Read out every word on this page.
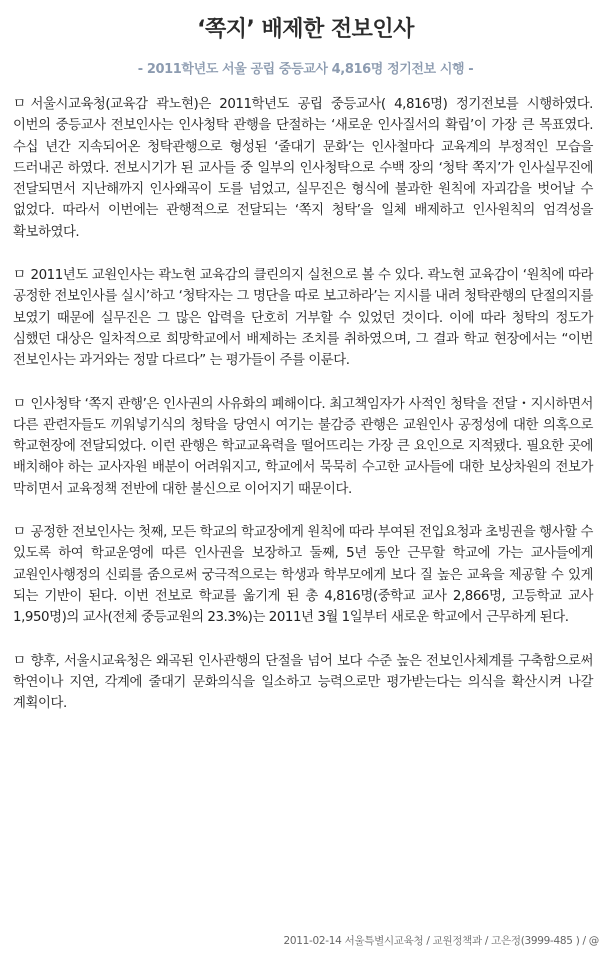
‘쪽지’ 배제한 전보인사
- 2011학년도 서울 공립 중등교사 4,816명 정기전보 시행 -

ㅁ 서울시교육청(교육감 곽노현)은 2011학년도 공립 중등교사( 4,816명) 정기전보를 시행하였다. 이번의 중등교사 전보인사는 인사청탁 관행을 단절하는 ‘새로운 인사질서의 확립’이 가장 큰 목표였다. 수십 년간 지속되어온 청탁관행으로 형성된 ‘줄대기 문화’는 인사철마다 교육계의 부정적인 모습을 드러내곤 하였다. 전보시기가 된 교사들 중 일부의 인사청탁으로 수백 장의 ‘청탁 쪽지’가 인사실무진에 전달되면서 지난해까지 인사왜곡이 도를 넘었고, 실무진은 형식에 불과한 원칙에 자괴감을 벗어날 수 없었다. 따라서 이번에는 관행적으로 전달되는 ‘쪽지 청탁’을 일체 배제하고 인사원칙의 엄격성을 확보하였다.

ㅁ 2011년도 교원인사는 곽노현 교육감의 클린의지 실천으로 볼 수 있다. 곽노현 교육감이 ‘원칙에 따라 공정한 전보인사를 실시’하고 ‘청탁자는 그 명단을 따로 보고하라’는 지시를 내려 청탁관행의 단절의지를 보였기 때문에 실무진은 그 많은 압력을 단호히 거부할 수 있었던 것이다. 이에 따라 청탁의 정도가 심했던 대상은 일차적으로 희망학교에서 배제하는 조치를 취하였으며, 그 결과 학교 현장에서는 “이번 전보인사는 과거와는 정말 다르다” 는 평가들이 주를 이룬다.

ㅁ 인사청탁 ‘쪽지 관행’은 인사권의 사유화의 폐해이다. 최고책임자가 사적인 청탁을 전달・지시하면서 다른 관련자들도 끼워넣기식의 청탁을 당연시 여기는 불감증 관행은 교원인사 공정성에 대한 의혹으로 학교현장에 전달되었다. 이런 관행은 학교교육력을 떨어뜨리는 가장 큰 요인으로 지적됐다. 필요한 곳에 배치해야 하는 교사자원 배분이 어려워지고, 학교에서 묵묵히 수고한 교사들에 대한 보상차원의 전보가 막히면서 교육정책 전반에 대한 불신으로 이어지기 때문이다.

ㅁ 공정한 전보인사는 첫째, 모든 학교의 학교장에게 원칙에 따라 부여된 전입요청과 초빙권을 행사할 수 있도록 하여 학교운영에 따른 인사권을 보장하고 둘째, 5년 동안 근무할 학교에 가는 교사들에게 교원인사행정의 신뢰를 줌으로써 궁극적으로는 학생과 학부모에게 보다 질 높은 교육을 제공할 수 있게 되는 기반이 된다. 이번 전보로 학교를 옮기게 된 총 4,816명(중학교 교사 2,866명, 고등학교 교사 1,950명)의 교사(전체 중등교원의 23.3%)는 2011년 3월 1일부터 새로운 학교에서 근무하게 된다.

ㅁ 향후, 서울시교육청은 왜곡된 인사관행의 단절을 넘어 보다 수준 높은 전보인사체계를 구축함으로써 학연이나 지연, 각계에 줄대기 문화의식을 일소하고 능력으로만 평가받는다는 의식을 확산시켜 나갈 계획이다.

2011-02-14 서울특별시교육청 / 교원정책과 / 고은정(3999-485 ) / @
